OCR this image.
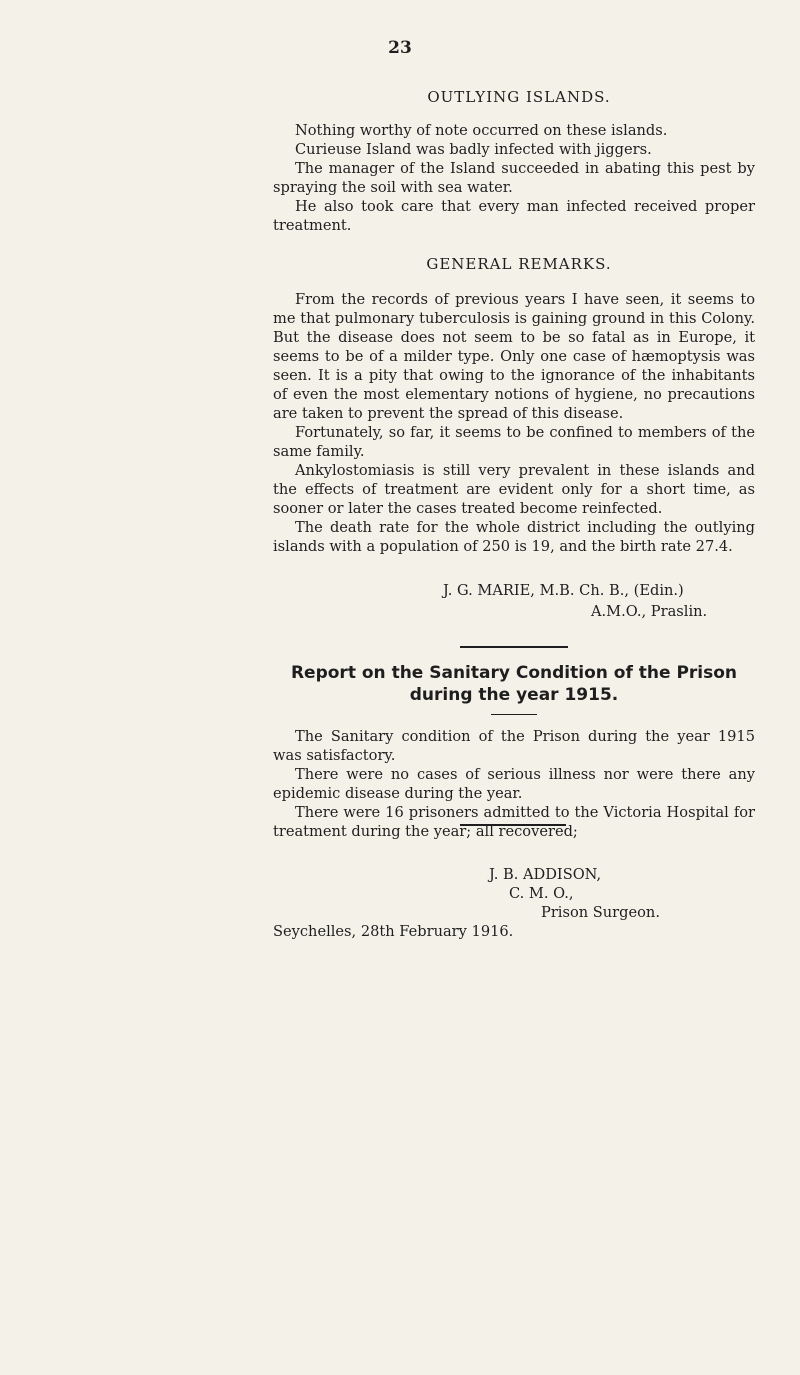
23
OUTLYING ISLANDS.

Nothing worthy of note occurred on these islands.

Curieuse Island was badly infected with jiggers.

The manager of the Island succeeded in abating this pest by spraying the soil with sea water.

He also took care that every man infected received proper treatment.

GENERAL REMARKS.

From the records of previous years I have seen, it seems to me that pulmonary tuberculosis is gaining ground in this Colony. But the disease does not seem to be so fatal as in Europe, it seems to be of a milder type. Only one case of hæmoptysis was seen. It is a pity that owing to the ignorance of the inhabitants of even the most elementary notions of hygiene, no precautions are taken to prevent the spread of this disease.

Fortunately, so far, it seems to be confined to members of the same family.

Ankylostomiasis is still very prevalent in these islands and the effects of treatment are evident only for a short time, as sooner or later the cases treated become reinfected.

The death rate for the whole district including the outlying islands with a population of 250 is 19, and the birth rate 27.4.

J. G. MARIE, M.B. Ch. B., (Edin.)
A.M.O., Praslin.
Report on the Sanitary Condition of the Prison
during the year 1915.

The Sanitary condition of the Prison during the year 1915 was satisfactory.

There were no cases of serious illness nor were there any epidemic disease during the year.

There were 16 prisoners admitted to the Victoria Hospital for treatment during the year; all recovered;

J. B. ADDISON,
C. M. O.,
Prison Surgeon.
Seychelles, 28th February 1916.
